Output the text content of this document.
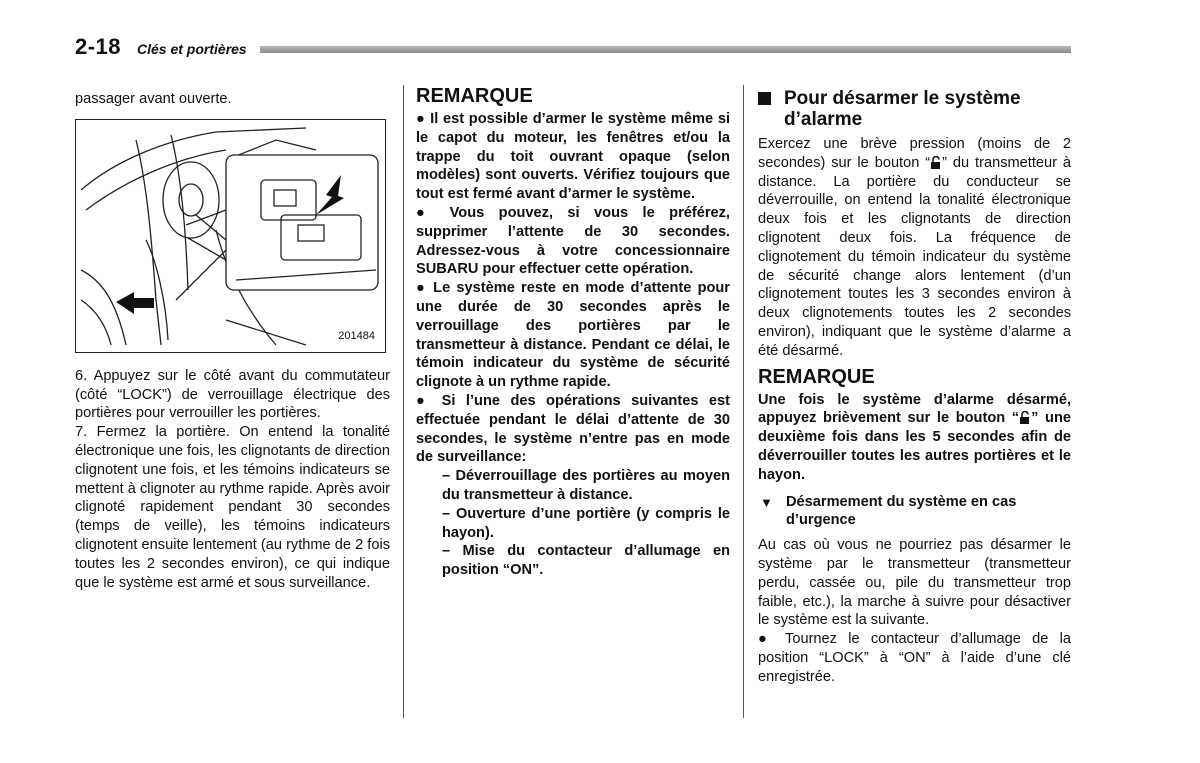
2-18 Clés et portières

passager avant ouverte.

201484

6. Appuyez sur le côté avant du commutateur (côté “LOCK”) de verrouillage électrique des portières pour verrouiller les portières.

7. Fermez la portière. On entend la tonalité électronique une fois, les clignotants de direction clignotent une fois, et les témoins indicateurs se mettent à clignoter au rythme rapide. Après avoir clignoté rapidement pendant 30 secondes (temps de veille), les témoins indicateurs clignotent ensuite lentement (au rythme de 2 fois toutes les 2 secondes environ), ce qui indique que le système est armé et sous surveillance.

REMARQUE

● Il est possible d’armer le système même si le capot du moteur, les fenêtres et/ou la trappe du toit ouvrant opaque (selon modèles) sont ouverts. Vérifiez toujours que tout est fermé avant d’armer le système.

● Vous pouvez, si vous le préférez, supprimer l’attente de 30 secondes. Adressez-vous à votre concessionnaire SUBARU pour effectuer cette opération.

● Le système reste en mode d’attente pour une durée de 30 secondes après le verrouillage des portières par le transmetteur à distance. Pendant ce délai, le témoin indicateur du système de sécurité clignote à un rythme rapide.

● Si l’une des opérations suivantes est effectuée pendant le délai d’attente de 30 secondes, le système n’entre pas en mode de surveillance:

– Déverrouillage des portières au moyen du transmetteur à distance.

– Ouverture d’une portière (y compris le hayon).

– Mise du contacteur d’allumage en position “ON”.

Pour désarmer le système d’alarme

Exercez une brève pression (moins de 2 secondes) sur le bouton “ ” du transmetteur à distance. La portière du conducteur se déverrouille, on entend la tonalité électronique deux fois et les clignotants de direction clignotent deux fois. La fréquence de clignotement du témoin indicateur du système de sécurité change alors lentement (d’un clignotement toutes les 3 secondes environ à deux clignotements toutes les 2 secondes environ), indiquant que le système d’alarme a été désarmé.

REMARQUE

Une fois le système d’alarme désarmé, appuyez brièvement sur le bouton “ ” une deuxième fois dans les 5 secondes afin de déverrouiller toutes les autres portières et le hayon.

▼ Désarmement du système en cas d’urgence

Au cas où vous ne pourriez pas désarmer le système par le transmetteur (transmetteur perdu, cassée ou, pile du transmetteur trop faible, etc.), la marche à suivre pour désactiver le système est la suivante.

● Tournez le contacteur d’allumage de la position “LOCK” à “ON” à l’aide d’une clé enregistrée.
